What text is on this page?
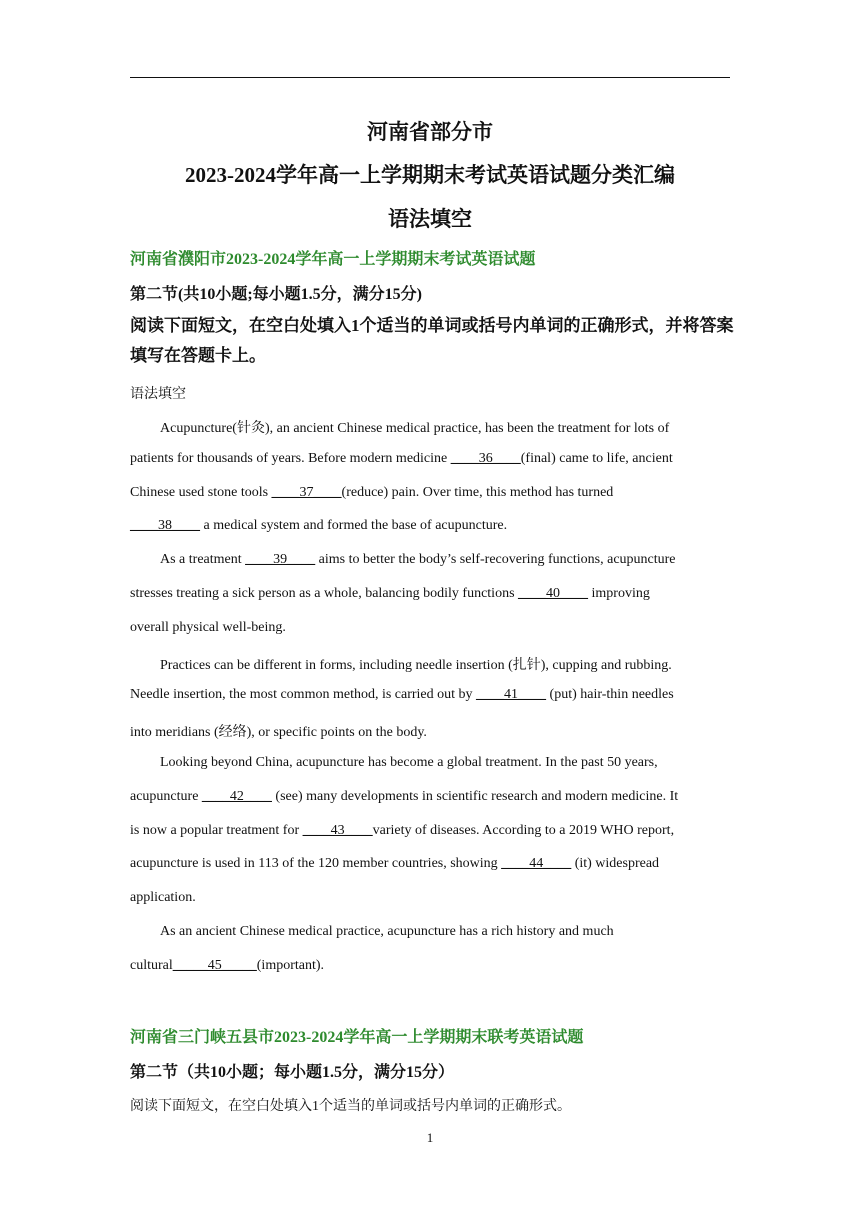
河南省部分市
2023-2024学年高一上学期期末考试英语试题分类汇编
语法填空
河南省濮阳市2023-2024学年高一上学期期末考试英语试题
第二节(共10小题;每小题1.5分，满分15分)
阅读下面短文，在空白处填入1个适当的单词或括号内单词的正确形式，并将答案填写在答题卡上。
语法填空
Acupuncture(针灸), an ancient Chinese medical practice, has been the treatment for lots of
patients for thousands of years. Before modern medicine ____36____(final) came to life, ancient
Chinese used stone tools ____37____(reduce) pain. Over time, this method has turned
____38____ a medical system and formed the base of acupuncture.
As a treatment ____39____ aims to better the body’s self-recovering functions, acupuncture
stresses treating a sick person as a whole, balancing bodily functions ____40____ improving
overall physical well-being.
Practices can be different in forms, including needle insertion (扎针), cupping and rubbing.
Needle insertion, the most common method, is carried out by ____41____ (put) hair-thin needles
into meridians (经络), or specific points on the body.
Looking beyond China, acupuncture has become a global treatment. In the past 50 years,
acupuncture ____42____ (see) many developments in scientific research and modern medicine. It
is now a popular treatment for ____43____variety of diseases. According to a 2019 WHO report,
acupuncture is used in 113 of the 120 member countries, showing ____44____ (it) widespread
application.
As an ancient Chinese medical practice, acupuncture has a rich history and much
cultural_____45_____(important).
河南省三门峡五县市2023-2024学年高一上学期期末联考英语试题
第二节（共10小题；每小题1.5分，满分15分）
阅读下面短文，在空白处填入1个适当的单词或括号内单词的正确形式。
1
